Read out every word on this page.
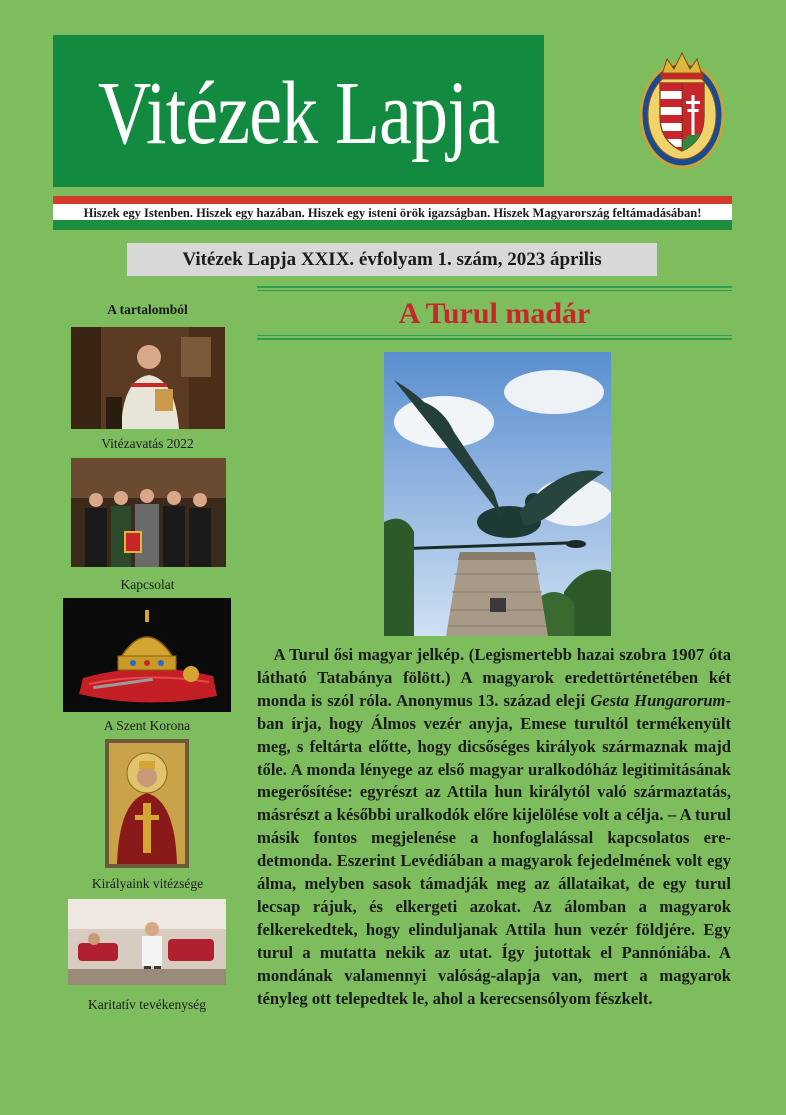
Vitézek Lapja
Hiszek egy Istenben. Hiszek egy hazában. Hiszek egy isteni örök igazságban. Hiszek Magyarország feltámadásában!
Vitézek Lapja XXIX. évfolyam 1. szám, 2023 április
A Turul madár
A tartalomból
Vitézavatás 2022
Kapcsolat
A Szent Korona
Királyaink vitézsége
Karitatív tevékenység

 A Turul ősi magyar jelkép. (Legismertebb hazai szobra 1907 óta látható Tatabánya fölött.) A magyarok eredettörténetében két monda is szól róla. Anonymus 13. század eleji Gesta Hungarorum-ban írja, hogy Álmos vezér anyja, Emese turultól termékenyült meg, s feltárta előtte, hogy dicsőséges királyok származnak majd tőle. A monda lényege az első magyar uralkodóház legitimitásának megerősítése: egyrészt az Attila hun királytól való származtatás, másrészt a későbbi uralkodók előre kijelölése volt a célja. – A turul másik fontos megjelenése a honfoglalással kapcsolatos eredetmonda. Eszerint Levédiában a magyarok fejedelmének volt egy álma, melyben sasok támadják meg az állataikat, de egy turul lecsap rájuk, és elkergeti azokat. Az álomban a magyarok felkerekedtek, hogy elinduljanak Attila hun vezér földjére. Egy turul a mutatta nekik az utat. Így jutottak el Pannóniába. A mondának valamennyi valóság-alapja van, mert a magyarok tényleg ott telepedtek le, ahol a kerecsensólyom fészkelt.
